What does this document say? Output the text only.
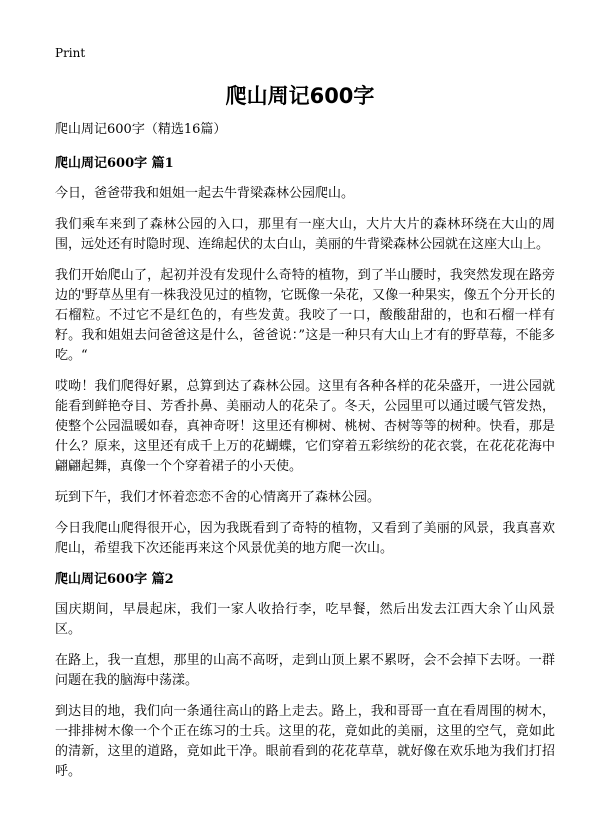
Print
爬山周记600字

爬山周记600字（精选16篇）

爬山周记600字 篇1

今日，爸爸带我和姐姐一起去牛背梁森林公园爬山。

我们乘车来到了森林公园的入口，那里有一座大山，大片大片的森林环绕在大山的周围，远处还有时隐时现、连绵起伏的太白山，美丽的牛背梁森林公园就在这座大山上。

我们开始爬山了，起初并没有发现什么奇特的植物，到了半山腰时，我突然发现在路旁边的'野草丛里有一株我没见过的植物，它既像一朵花，又像一种果实，像五个分开长的石榴粒。不过它不是红色的，有些发黄。我咬了一口，酸酸甜甜的，也和石榴一样有籽。我和姐姐去问爸爸这是什么，爸爸说：”这是一种只有大山上才有的野草莓，不能多吃。“

哎呦！我们爬得好累，总算到达了森林公园。这里有各种各样的花朵盛开，一进公园就能看到鲜艳夺目、芳香扑鼻、美丽动人的花朵了。冬天，公园里可以通过暖气管发热，使整个公园温暖如春，真神奇呀！这里还有柳树、桃树、杏树等等的树种。快看，那是什么？原来，这里还有成千上万的花蝴蝶，它们穿着五彩缤纷的花衣裳，在花花花海中翩翩起舞，真像一个个穿着裙子的小天使。

玩到下午，我们才怀着恋恋不舍的心情离开了森林公园。

今日我爬山爬得很开心，因为我既看到了奇特的植物，又看到了美丽的风景，我真喜欢爬山，希望我下次还能再来这个风景优美的地方爬一次山。

爬山周记600字 篇2

国庆期间，早晨起床，我们一家人收拾行李，吃早餐，然后出发去江西大余丫山风景区。

在路上，我一直想，那里的山高不高呀，走到山顶上累不累呀，会不会掉下去呀。一群问题在我的脑海中荡漾。

到达目的地，我们向一条通往高山的路上走去。路上，我和哥哥一直在看周围的树木，一排排树木像一个个正在练习的士兵。这里的花，竟如此的美丽，这里的空气，竟如此的清新，这里的道路，竟如此干净。眼前看到的花花草草，就好像在欢乐地为我们打招呼。
